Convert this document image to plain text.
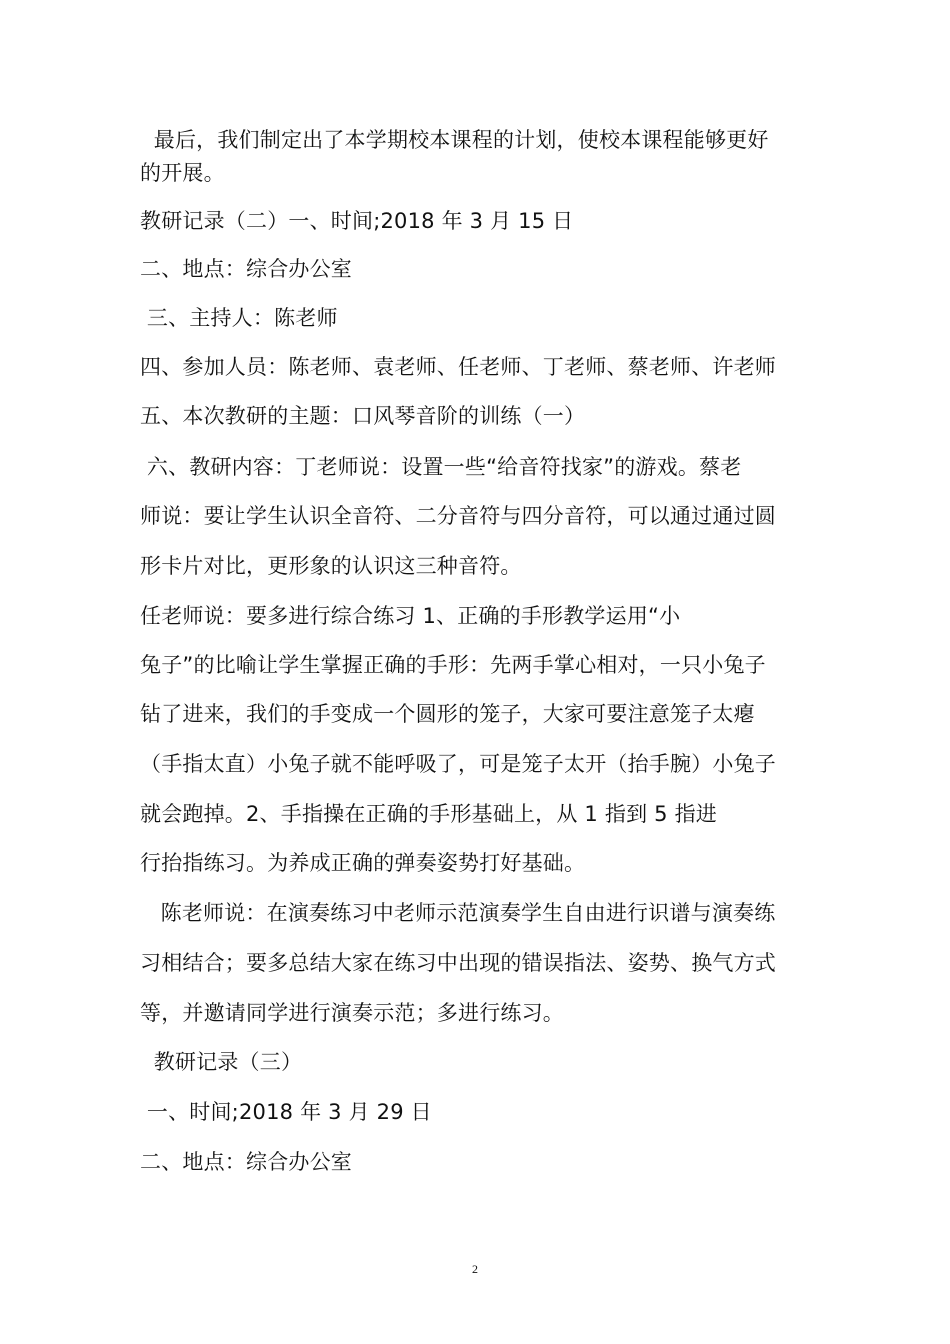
最后，我们制定出了本学期校本课程的计划，使校本课程能够更好
的开展。
教研记录（二）一、时间;2018 年 3 月 15 日
二、地点：综合办公室
三、主持人：陈老师
四、参加人员：陈老师、袁老师、任老师、丁老师、蔡老师、许老师
五、本次教研的主题：口风琴音阶的训练（一）
六、教研内容：丁老师说：设置一些“给音符找家”的游戏。蔡老
师说：要让学生认识全音符、二分音符与四分音符，可以通过通过圆
形卡片对比，更形象的认识这三种音符。
任老师说：要多进行综合练习 1、正确的手形教学运用“小
兔子”的比喻让学生掌握正确的手形：先两手掌心相对，一只小兔子
钻了进来，我们的手变成一个圆形的笼子，大家可要注意笼子太瘪
（手指太直）小兔子就不能呼吸了，可是笼子太开（抬手腕）小兔子
就会跑掉。2、手指操在正确的手形基础上，从 1 指到 5 指进
行抬指练习。为养成正确的弹奏姿势打好基础。
陈老师说：在演奏练习中老师示范演奏学生自由进行识谱与演奏练
习相结合；要多总结大家在练习中出现的错误指法、姿势、换气方式
等，并邀请同学进行演奏示范；多进行练习。
教研记录（三）
一、时间;2018 年 3 月 29 日
二、地点：综合办公室
2
